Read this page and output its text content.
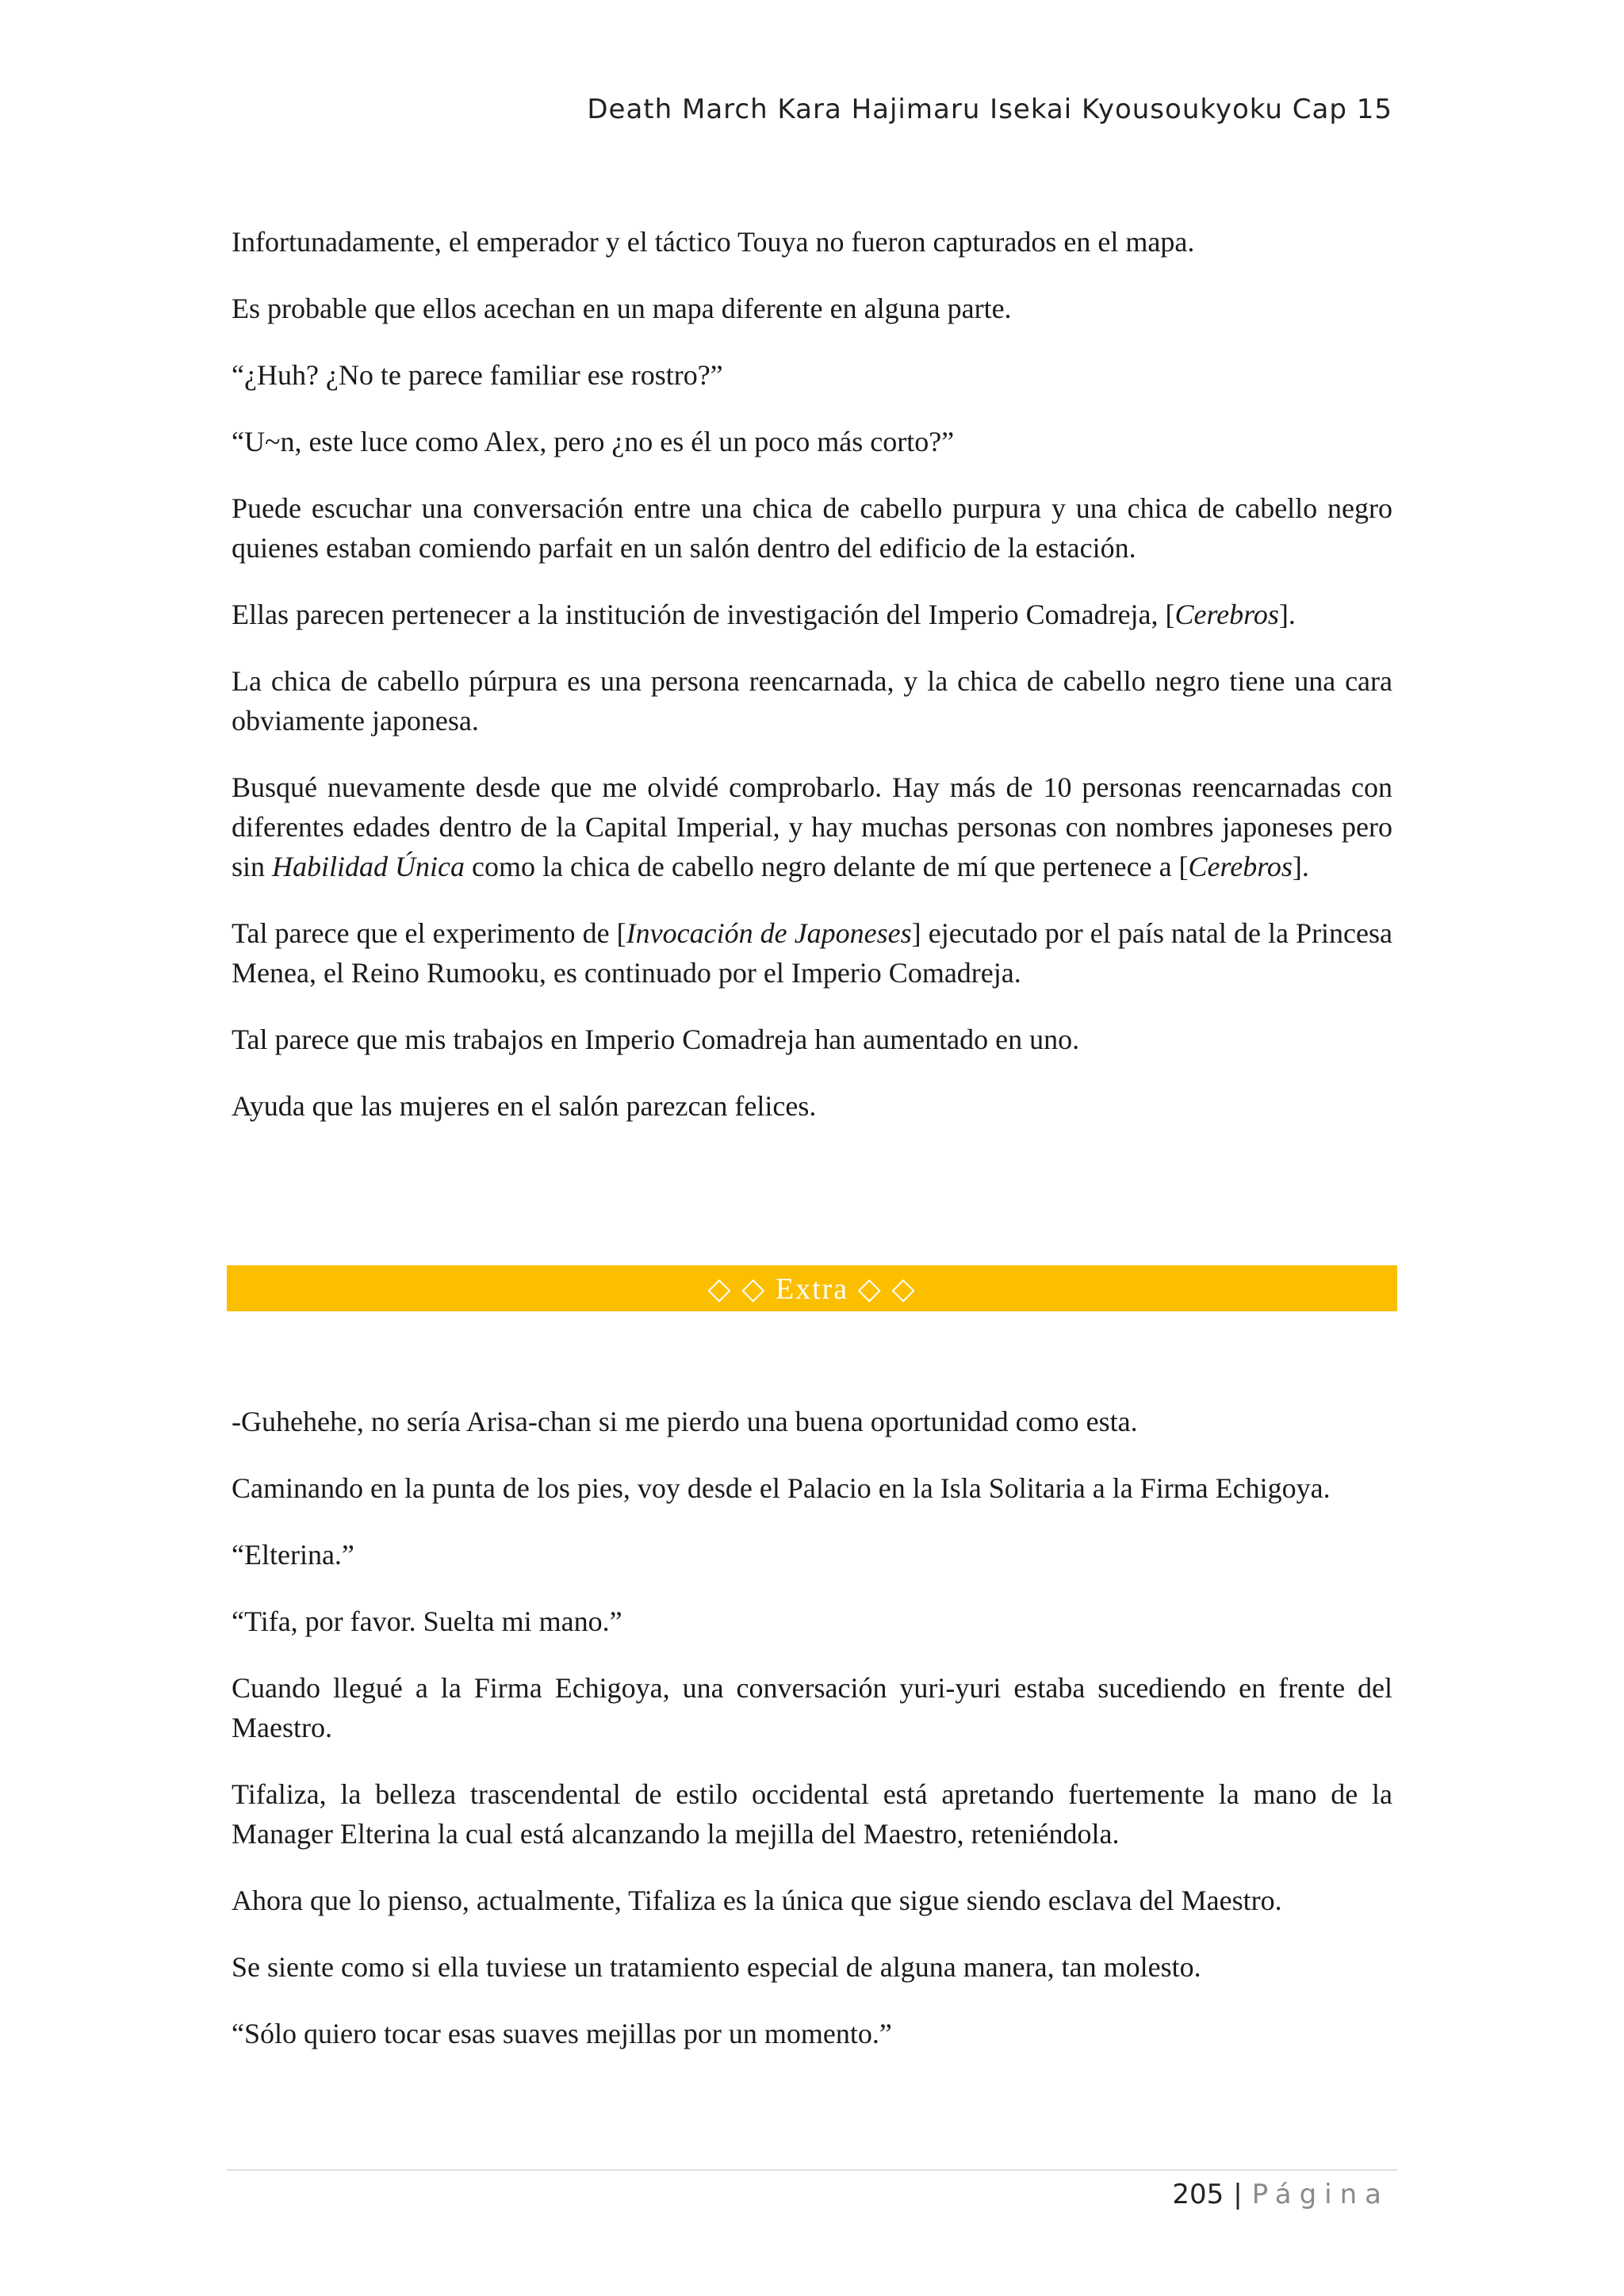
Death March Kara Hajimaru Isekai Kyousoukyoku Cap 15

Infortunadamente, el emperador y el táctico Touya no fueron capturados en el mapa.

Es probable que ellos acechan en un mapa diferente en alguna parte.

“¿Huh? ¿No te parece familiar ese rostro?”

“U~n, este luce como Alex, pero ¿no es él un poco más corto?”

Puede escuchar una conversación entre una chica de cabello purpura y una chica de cabello negro quienes estaban comiendo parfait en un salón dentro del edificio de la estación.

Ellas parecen pertenecer a la institución de investigación del Imperio Comadreja, [Cerebros].

La chica de cabello púrpura es una persona reencarnada, y la chica de cabello negro tiene una cara obviamente japonesa.

Busqué nuevamente desde que me olvidé comprobarlo. Hay más de 10 personas reencarnadas con diferentes edades dentro de la Capital Imperial, y hay muchas personas con nombres japoneses pero sin Habilidad Única como la chica de cabello negro delante de mí que pertenece a [Cerebros].

Tal parece que el experimento de [Invocación de Japoneses] ejecutado por el país natal de la Princesa Menea, el Reino Rumooku, es continuado por el Imperio Comadreja.

Tal parece que mis trabajos en Imperio Comadreja han aumentado en uno.

Ayuda que las mujeres en el salón parezcan felices.

◇ ◇ Extra ◇ ◇

-Guhehehe, no sería Arisa-chan si me pierdo una buena oportunidad como esta.

Caminando en la punta de los pies, voy desde el Palacio en la Isla Solitaria a la Firma Echigoya.

“Elterina.”

“Tifa, por favor. Suelta mi mano.”

Cuando llegué a la Firma Echigoya, una conversación yuri-yuri estaba sucediendo en frente del Maestro.

Tifaliza, la belleza trascendental de estilo occidental está apretando fuertemente la mano de la Manager Elterina la cual está alcanzando la mejilla del Maestro, reteniéndola.

Ahora que lo pienso, actualmente, Tifaliza es la única que sigue siendo esclava del Maestro.

Se siente como si ella tuviese un tratamiento especial de alguna manera, tan molesto.

“Sólo quiero tocar esas suaves mejillas por un momento.”

205 | Página
